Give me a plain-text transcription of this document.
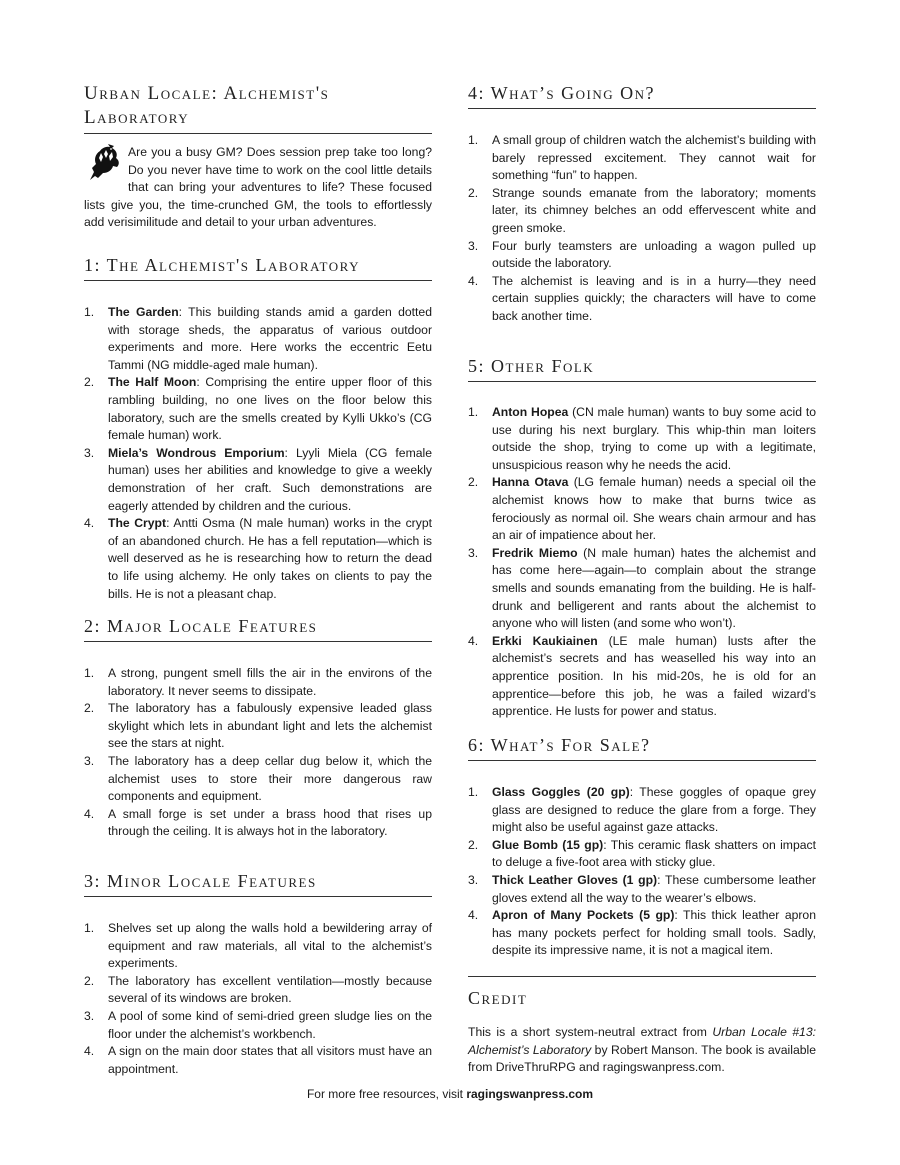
Urban Locale: Alchemist's Laboratory
Are you a busy GM? Does session prep take too long? Do you never have time to work on the cool little details that can bring your adventures to life? These focused lists give you, the time-crunched GM, the tools to effortlessly add verisimilitude and detail to your urban adventures.
1: The Alchemist's Laboratory
1. The Garden: This building stands amid a garden dotted with storage sheds, the apparatus of various outdoor experiments and more. Here works the eccentric Eetu Tammi (NG middle-aged male human).
2. The Half Moon: Comprising the entire upper floor of this rambling building, no one lives on the floor below this laboratory, such are the smells created by Kylli Ukko’s (CG female human) work.
3. Miela’s Wondrous Emporium: Lyyli Miela (CG female human) uses her abilities and knowledge to give a weekly demonstration of her craft. Such demonstrations are eagerly attended by children and the curious.
4. The Crypt: Antti Osma (N male human) works in the crypt of an abandoned church. He has a fell reputation—which is well deserved as he is researching how to return the dead to life using alchemy. He only takes on clients to pay the bills. He is not a pleasant chap.
2: Major Locale Features
1. A strong, pungent smell fills the air in the environs of the laboratory. It never seems to dissipate.
2. The laboratory has a fabulously expensive leaded glass skylight which lets in abundant light and lets the alchemist see the stars at night.
3. The laboratory has a deep cellar dug below it, which the alchemist uses to store their more dangerous raw components and equipment.
4. A small forge is set under a brass hood that rises up through the ceiling. It is always hot in the laboratory.
3: Minor Locale Features
1. Shelves set up along the walls hold a bewildering array of equipment and raw materials, all vital to the alchemist’s experiments.
2. The laboratory has excellent ventilation—mostly because several of its windows are broken.
3. A pool of some kind of semi-dried green sludge lies on the floor under the alchemist’s workbench.
4. A sign on the main door states that all visitors must have an appointment.
4: What’s Going On?
1. A small group of children watch the alchemist’s building with barely repressed excitement. They cannot wait for something “fun” to happen.
2. Strange sounds emanate from the laboratory; moments later, its chimney belches an odd effervescent white and green smoke.
3. Four burly teamsters are unloading a wagon pulled up outside the laboratory.
4. The alchemist is leaving and is in a hurry—they need certain supplies quickly; the characters will have to come back another time.
5: Other Folk
1. Anton Hopea (CN male human) wants to buy some acid to use during his next burglary. This whip-thin man loiters outside the shop, trying to come up with a legitimate, unsuspicious reason why he needs the acid.
2. Hanna Otava (LG female human) needs a special oil the alchemist knows how to make that burns twice as ferociously as normal oil. She wears chain armour and has an air of impatience about her.
3. Fredrik Miemo (N male human) hates the alchemist and has come here—again—to complain about the strange smells and sounds emanating from the building. He is half-drunk and belligerent and rants about the alchemist to anyone who will listen (and some who won’t).
4. Erkki Kaukiainen (LE male human) lusts after the alchemist’s secrets and has weaselled his way into an apprentice position. In his mid-20s, he is old for an apprentice—before this job, he was a failed wizard’s apprentice. He lusts for power and status.
6: What’s For Sale?
1. Glass Goggles (20 gp): These goggles of opaque grey glass are designed to reduce the glare from a forge. They might also be useful against gaze attacks.
2. Glue Bomb (15 gp): This ceramic flask shatters on impact to deluge a five-foot area with sticky glue.
3. Thick Leather Gloves (1 gp): These cumbersome leather gloves extend all the way to the wearer’s elbows.
4. Apron of Many Pockets (5 gp): This thick leather apron has many pockets perfect for holding small tools. Sadly, despite its impressive name, it is not a magical item.
Credit
This is a short system-neutral extract from Urban Locale #13: Alchemist’s Laboratory by Robert Manson. The book is available from DriveThruRPG and ragingswanpress.com.
For more free resources, visit ragingswanpress.com
